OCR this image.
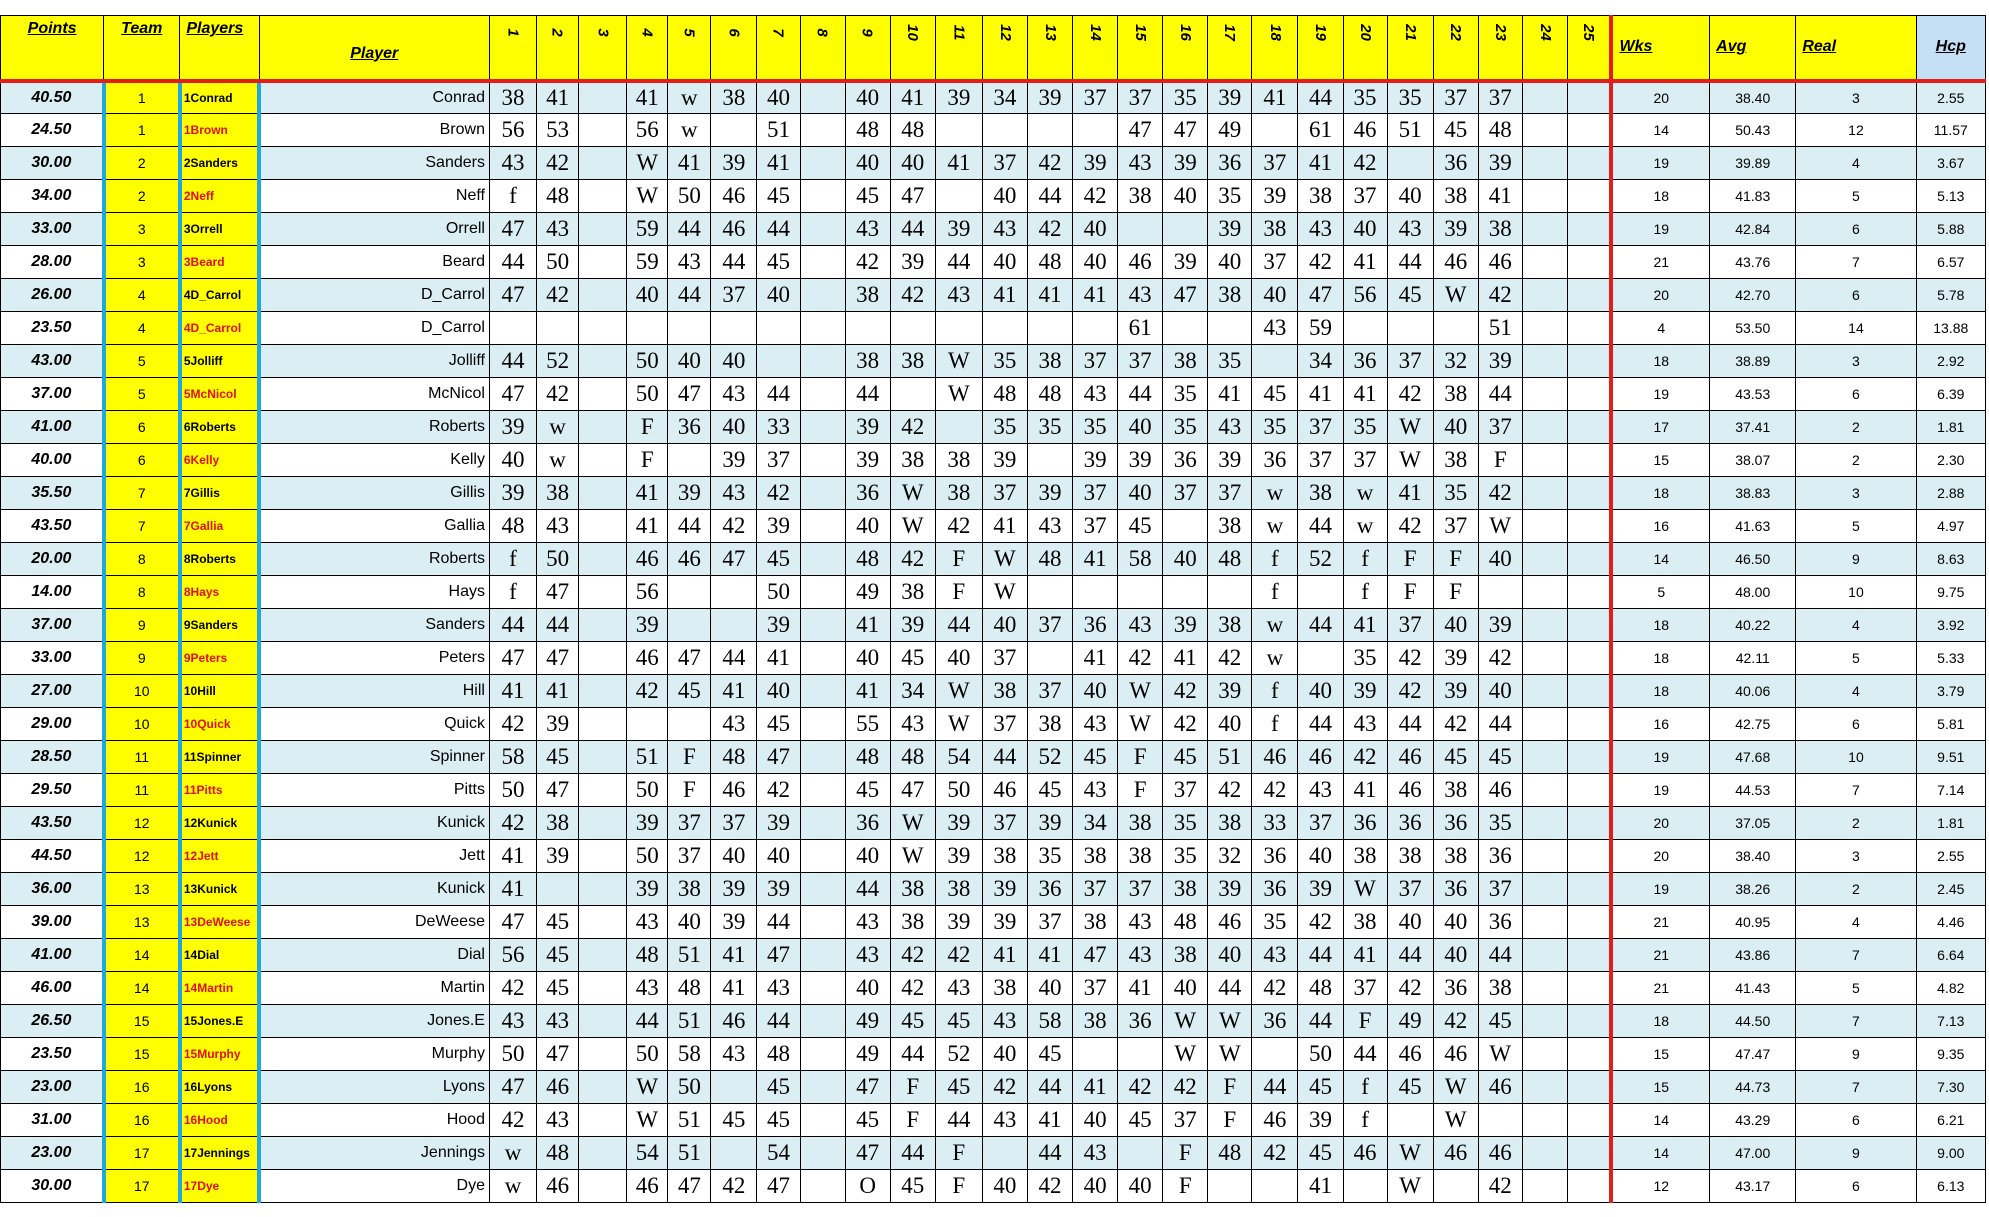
Points	Team	Players	Player	1	2	3	4	5	6	7	8	9	10	11	12	13	14	15	16	17	18	19	20	21	22	23	24	25	Wks	Avg	Real	Hcp
40.50	1	1Conrad	Conrad	38	41		41	w	38	40		40	41	39	34	39	37	37	35	39	41	44	35	35	37	37			20	38.40	3	2.55
24.50	1	1Brown	Brown	56	53		56	w		51		48	48					47	47	49		61	46	51	45	48			14	50.43	12	11.57
30.00	2	2Sanders	Sanders	43	42		W	41	39	41		40	40	41	37	42	39	43	39	36	37	41	42		36	39			19	39.89	4	3.67
34.00	2	2Neff	Neff	f	48		W	50	46	45		45	47		40	44	42	38	40	35	39	38	37	40	38	41			18	41.83	5	5.13
33.00	3	3Orrell	Orrell	47	43		59	44	46	44		43	44	39	43	42	40			39	38	43	40	43	39	38			19	42.84	6	5.88
28.00	3	3Beard	Beard	44	50		59	43	44	45		42	39	44	40	48	40	46	39	40	37	42	41	44	46	46			21	43.76	7	6.57
26.00	4	4D_Carrol	D_Carrol	47	42		40	44	37	40		38	42	43	41	41	41	43	47	38	40	47	56	45	W	42			20	42.70	6	5.78
23.50	4	4D_Carrol	D_Carrol															61			43	59				51			4	53.50	14	13.88
43.00	5	5Jolliff	Jolliff	44	52		50	40	40			38	38	W	35	38	37	37	38	35		34	36	37	32	39			18	38.89	3	2.92
37.00	5	5McNicol	McNicol	47	42		50	47	43	44		44		W	48	48	43	44	35	41	45	41	41	42	38	44			19	43.53	6	6.39
41.00	6	6Roberts	Roberts	39	w		F	36	40	33		39	42		35	35	35	40	35	43	35	37	35	W	40	37			17	37.41	2	1.81
40.00	6	6Kelly	Kelly	40	w		F		39	37		39	38	38	39		39	39	36	39	36	37	37	W	38	F			15	38.07	2	2.30
35.50	7	7Gillis	Gillis	39	38		41	39	43	42		36	W	38	37	39	37	40	37	37	w	38	w	41	35	42			18	38.83	3	2.88
43.50	7	7Gallia	Gallia	48	43		41	44	42	39		40	W	42	41	43	37	45		38	w	44	w	42	37	W			16	41.63	5	4.97
20.00	8	8Roberts	Roberts	f	50		46	46	47	45		48	42	F	W	48	41	58	40	48	f	52	f	F	F	40			14	46.50	9	8.63
14.00	8	8Hays	Hays	f	47		56			50		49	38	F	W						f		f	F	F				5	48.00	10	9.75
37.00	9	9Sanders	Sanders	44	44		39			39		41	39	44	40	37	36	43	39	38	w	44	41	37	40	39			18	40.22	4	3.92
33.00	9	9Peters	Peters	47	47		46	47	44	41		40	45	40	37		41	42	41	42	w		35	42	39	42			18	42.11	5	5.33
27.00	10	10Hill	Hill	41	41		42	45	41	40		41	34	W	38	37	40	W	42	39	f	40	39	42	39	40			18	40.06	4	3.79
29.00	10	10Quick	Quick	42	39				43	45		55	43	W	37	38	43	W	42	40	f	44	43	44	42	44			16	42.75	6	5.81
28.50	11	11Spinner	Spinner	58	45		51	F	48	47		48	48	54	44	52	45	F	45	51	46	46	42	46	45	45			19	47.68	10	9.51
29.50	11	11Pitts	Pitts	50	47		50	F	46	42		45	47	50	46	45	43	F	37	42	42	43	41	46	38	46			19	44.53	7	7.14
43.50	12	12Kunick	Kunick	42	38		39	37	37	39		36	W	39	37	39	34	38	35	38	33	37	36	36	36	35			20	37.05	2	1.81
44.50	12	12Jett	Jett	41	39		50	37	40	40		40	W	39	38	35	38	38	35	32	36	40	38	38	38	36			20	38.40	3	2.55
36.00	13	13Kunick	Kunick	41			39	38	39	39		44	38	38	39	36	37	37	38	39	36	39	W	37	36	37			19	38.26	2	2.45
39.00	13	13DeWeese	DeWeese	47	45		43	40	39	44		43	38	39	39	37	38	43	48	46	35	42	38	40	40	36			21	40.95	4	4.46
41.00	14	14Dial	Dial	56	45		48	51	41	47		43	42	42	41	41	47	43	38	40	43	44	41	44	40	44			21	43.86	7	6.64
46.00	14	14Martin	Martin	42	45		43	48	41	43		40	42	43	38	40	37	41	40	44	42	48	37	42	36	38			21	41.43	5	4.82
26.50	15	15Jones.E	Jones.E	43	43		44	51	46	44		49	45	45	43	58	38	36	W	W	36	44	F	49	42	45			18	44.50	7	7.13
23.50	15	15Murphy	Murphy	50	47		50	58	43	48		49	44	52	40	45			W	W		50	44	46	46	W			15	47.47	9	9.35
23.00	16	16Lyons	Lyons	47	46		W	50		45		47	F	45	42	44	41	42	42	F	44	45	f	45	W	46			15	44.73	7	7.30
31.00	16	16Hood	Hood	42	43		W	51	45	45		45	F	44	43	41	40	45	37	F	46	39	f		W				14	43.29	6	6.21
23.00	17	17Jennings	Jennings	w	48		54	51		54		47	44	F		44	43		F	48	42	45	46	W	46	46			14	47.00	9	9.00
30.00	17	17Dye	Dye	w	46		46	47	42	47		O	45	F	40	42	40	40	F			41		W		42			12	43.17	6	6.13
